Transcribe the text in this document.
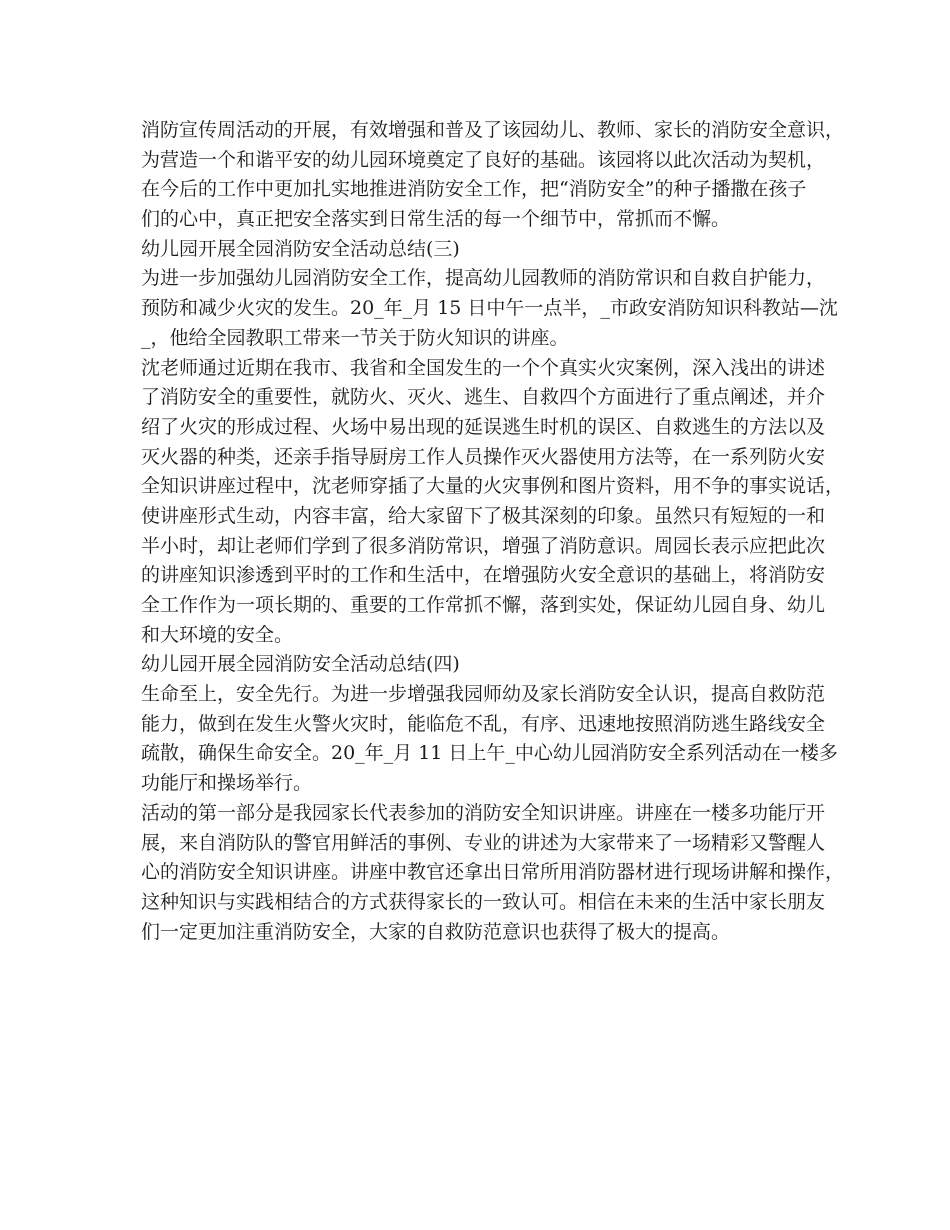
消防宣传周活动的开展，有效增强和普及了该园幼儿、教师、家长的消防安全意识，
为营造一个和谐平安的幼儿园环境奠定了良好的基础。该园将以此次活动为契机，
在今后的工作中更加扎实地推进消防安全工作，把“消防安全”的种子播撒在孩子
们的心中，真正把安全落实到日常生活的每一个细节中，常抓而不懈。
幼儿园开展全园消防安全活动总结(三)
为进一步加强幼儿园消防安全工作，提高幼儿园教师的消防常识和自救自护能力，
预防和减少火灾的发生。20_年_月 15 日中午一点半，_市政安消防知识科教站—沈
_，他给全园教职工带来一节关于防火知识的讲座。
沈老师通过近期在我市、我省和全国发生的一个个真实火灾案例，深入浅出的讲述
了消防安全的重要性，就防火、灭火、逃生、自救四个方面进行了重点阐述，并介
绍了火灾的形成过程、火场中易出现的延误逃生时机的误区、自救逃生的方法以及
灭火器的种类，还亲手指导厨房工作人员操作灭火器使用方法等，在一系列防火安
全知识讲座过程中，沈老师穿插了大量的火灾事例和图片资料，用不争的事实说话，
使讲座形式生动，内容丰富，给大家留下了极其深刻的印象。虽然只有短短的一和
半小时，却让老师们学到了很多消防常识，增强了消防意识。周园长表示应把此次
的讲座知识渗透到平时的工作和生活中，在增强防火安全意识的基础上，将消防安
全工作作为一项长期的、重要的工作常抓不懈，落到实处，保证幼儿园自身、幼儿
和大环境的安全。
幼儿园开展全园消防安全活动总结(四)
生命至上，安全先行。为进一步增强我园师幼及家长消防安全认识，提高自救防范
能力，做到在发生火警火灾时，能临危不乱，有序、迅速地按照消防逃生路线安全
疏散，确保生命安全。20_年_月 11 日上午_中心幼儿园消防安全系列活动在一楼多
功能厅和操场举行。
活动的第一部分是我园家长代表参加的消防安全知识讲座。讲座在一楼多功能厅开
展，来自消防队的警官用鲜活的事例、专业的讲述为大家带来了一场精彩又警醒人
心的消防安全知识讲座。讲座中教官还拿出日常所用消防器材进行现场讲解和操作，
这种知识与实践相结合的方式获得家长的一致认可。相信在未来的生活中家长朋友
们一定更加注重消防安全，大家的自救防范意识也获得了极大的提高。
